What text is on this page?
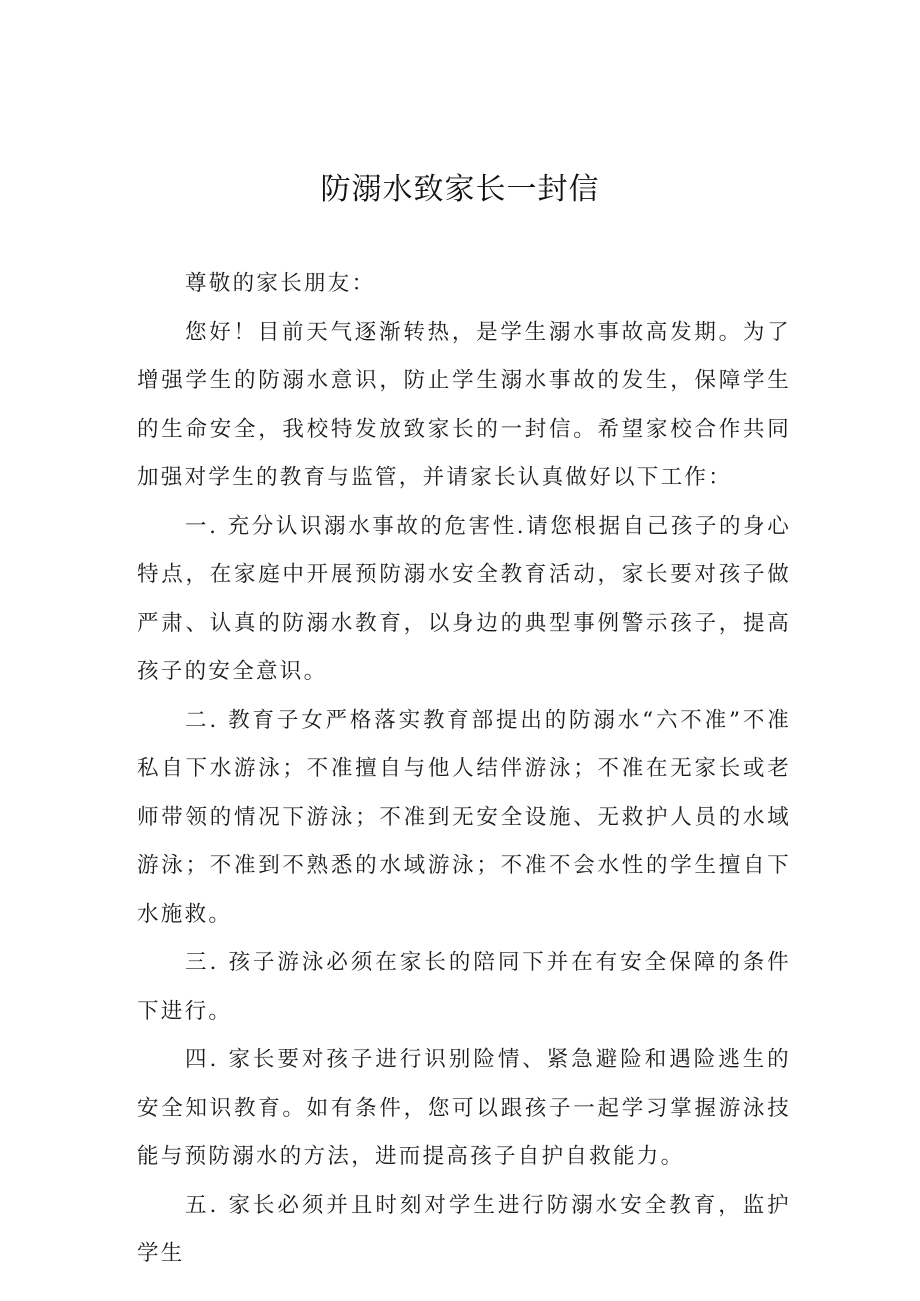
防溺水致家长一封信

尊敬的家长朋友：

您好！目前天气逐渐转热，是学生溺水事故高发期。为了增强学生的防溺水意识，防止学生溺水事故的发生，保障学生的生命安全，我校特发放致家长的一封信。希望家校合作共同加强对学生的教育与监管，并请家长认真做好以下工作：

一. 充分认识溺水事故的危害性.请您根据自己孩子的身心特点，在家庭中开展预防溺水安全教育活动，家长要对孩子做严肃、认真的防溺水教育，以身边的典型事例警示孩子，提高孩子的安全意识。

二. 教育子女严格落实教育部提出的防溺水“六不准”不准私自下水游泳；不准擅自与他人结伴游泳；不准在无家长或老师带领的情况下游泳；不准到无安全设施、无救护人员的水域游泳；不准到不熟悉的水域游泳；不准不会水性的学生擅自下水施救。

三. 孩子游泳必须在家长的陪同下并在有安全保障的条件下进行。

四. 家长要对孩子进行识别险情、紧急避险和遇险逃生的安全知识教育。如有条件，您可以跟孩子一起学习掌握游泳技能与预防溺水的方法，进而提高孩子自护自救能力。

五. 家长必须并且时刻对学生进行防溺水安全教育，监护学生
